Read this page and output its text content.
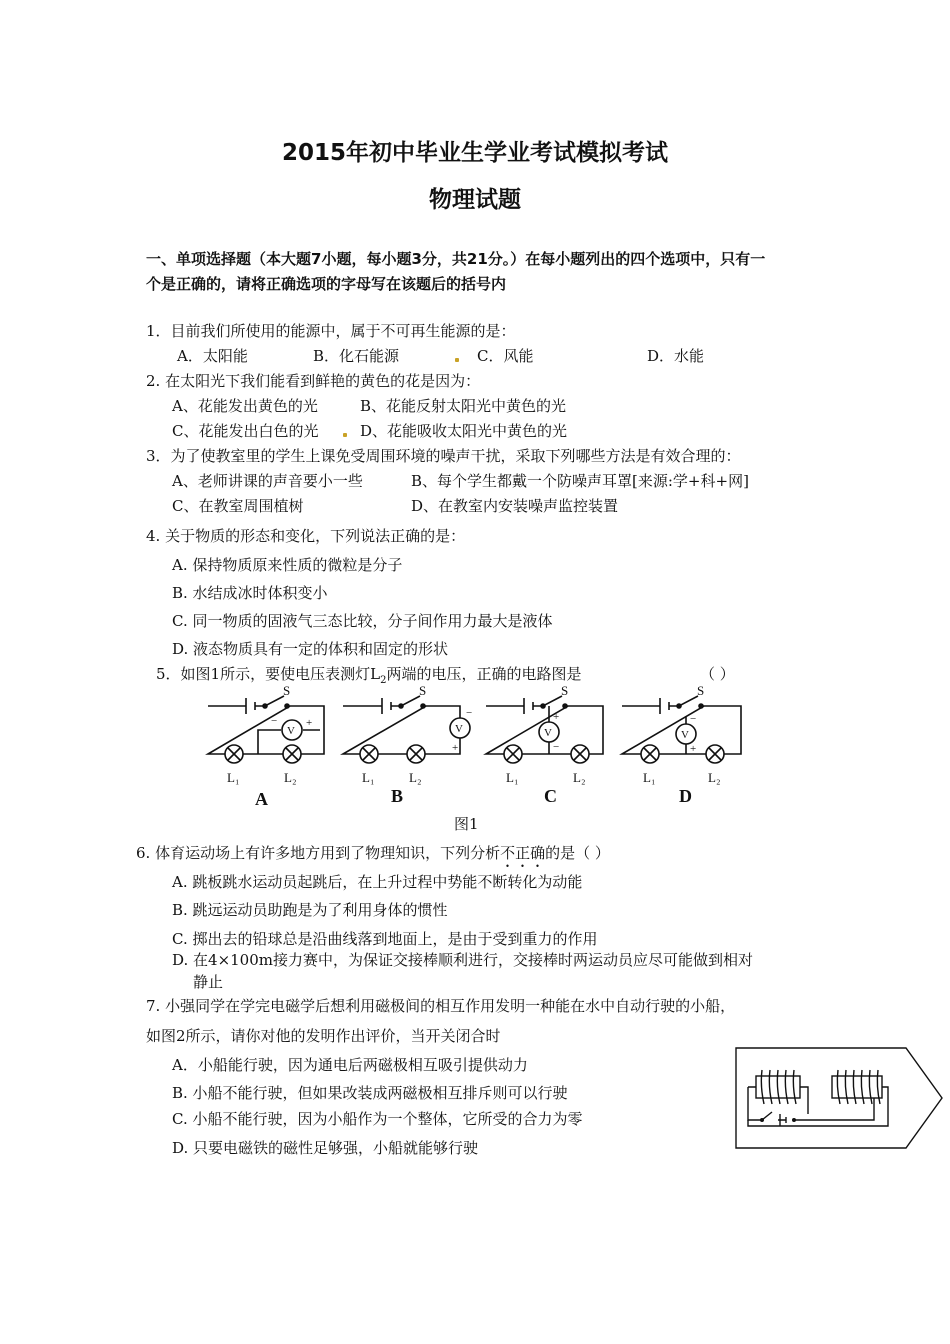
2015年初中毕业生学业考试模拟考试
物理试题
一、单项选择题（本大题7小题，每小题3分，共21分。）在每小题列出的四个选项中，只有一
个是正确的，请将正确选项的字母写在该题后的括号内
1．目前我们所使用的能源中，属于不可再生能源的是：
A．太阳能	B．化石能源	C．风能	D．水能
2. 在太阳光下我们能看到鲜艳的黄色的花是因为：
A、花能发出黄色的光	B、花能反射太阳光中黄色的光
C、花能发出白色的光	D、花能吸收太阳光中黄色的光
3．为了使教室里的学生上课免受周围环境的噪声干扰，采取下列哪些方法是有效合理的：
A、老师讲课的声音要小一些	B、每个学生都戴一个防噪声耳罩[来源:学+科+网]
C、在教室周围植树	D、在教室内安装噪声监控装置
4. 关于物质的形态和变化，下列说法正确的是：
A. 保持物质原来性质的微粒是分子
B. 水结成冰时体积变小
C. 同一物质的固液气三态比较，分子间作用力最大是液体
D. 液态物质具有一定的体积和固定的形状
5．如图1所示，要使电压表测灯$L_2$两端的电压，正确的电路图是	（ ）
S	S	S	S
V	V	V	V
−	+
−
+
+
−
−
+
L₁	L₂	L₁	L₂	L₁	L₂	L₁	L₂
A	B	C	D
图1
6. 体育运动场上有许多地方用到了物理知识，下列分析不正确的是（ ）
A. 跳板跳水运动员起跳后，在上升过程中势能不断转化为动能
B. 跳远运动员助跑是为了利用身体的惯性
C. 掷出去的铅球总是沿曲线落到地面上，是由于受到重力的作用
D. 在4×100m接力赛中，为保证交接棒顺利进行，交接棒时两运动员应尽可能做到相对
静止
7. 小强同学在学完电磁学后想利用磁极间的相互作用发明一种能在水中自动行驶的小船，
如图2所示，请你对他的发明作出评价，当开关闭合时
A．小船能行驶，因为通电后两磁极相互吸引提供动力
B. 小船不能行驶，但如果改装成两磁极相互排斥则可以行驶
C. 小船不能行驶，因为小船作为一个整体，它所受的合力为零
D. 只要电磁铁的磁性足够强，小船就能够行驶
